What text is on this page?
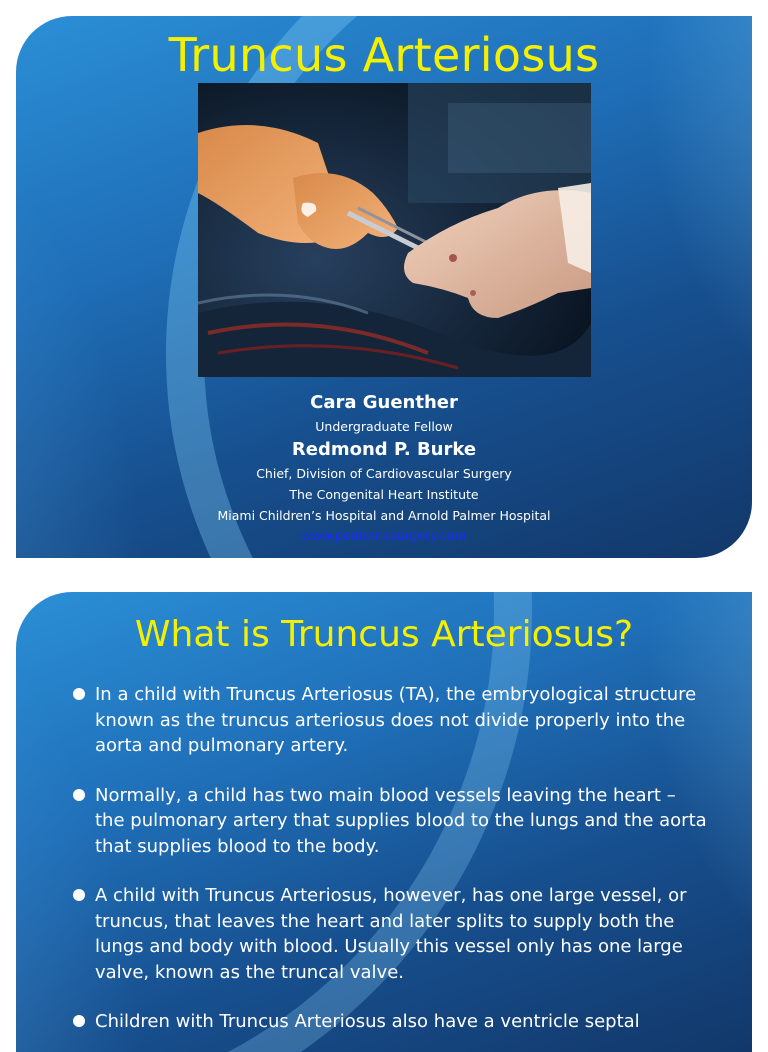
Truncus Arteriosus
Cara Guenther
Undergraduate Fellow
Redmond P. Burke
Chief, Division of Cardiovascular Surgery
The Congenital Heart Institute
Miami Children’s Hospital and Arnold Palmer Hospital
www.pediatricsurgery.com
What is Truncus Arteriosus?
In a child with Truncus Arteriosus (TA), the embryological structure known as the truncus arteriosus does not divide properly into the aorta and pulmonary artery.
Normally, a child has two main blood vessels leaving the heart – the pulmonary artery that supplies blood to the lungs and the aorta that supplies blood to the body.
A child with Truncus Arteriosus, however, has one large vessel, or truncus, that leaves the heart and later splits to supply both the lungs and body with blood. Usually this vessel only has one large valve, known as the truncal valve.
Children with Truncus Arteriosus also have a ventricle septal
